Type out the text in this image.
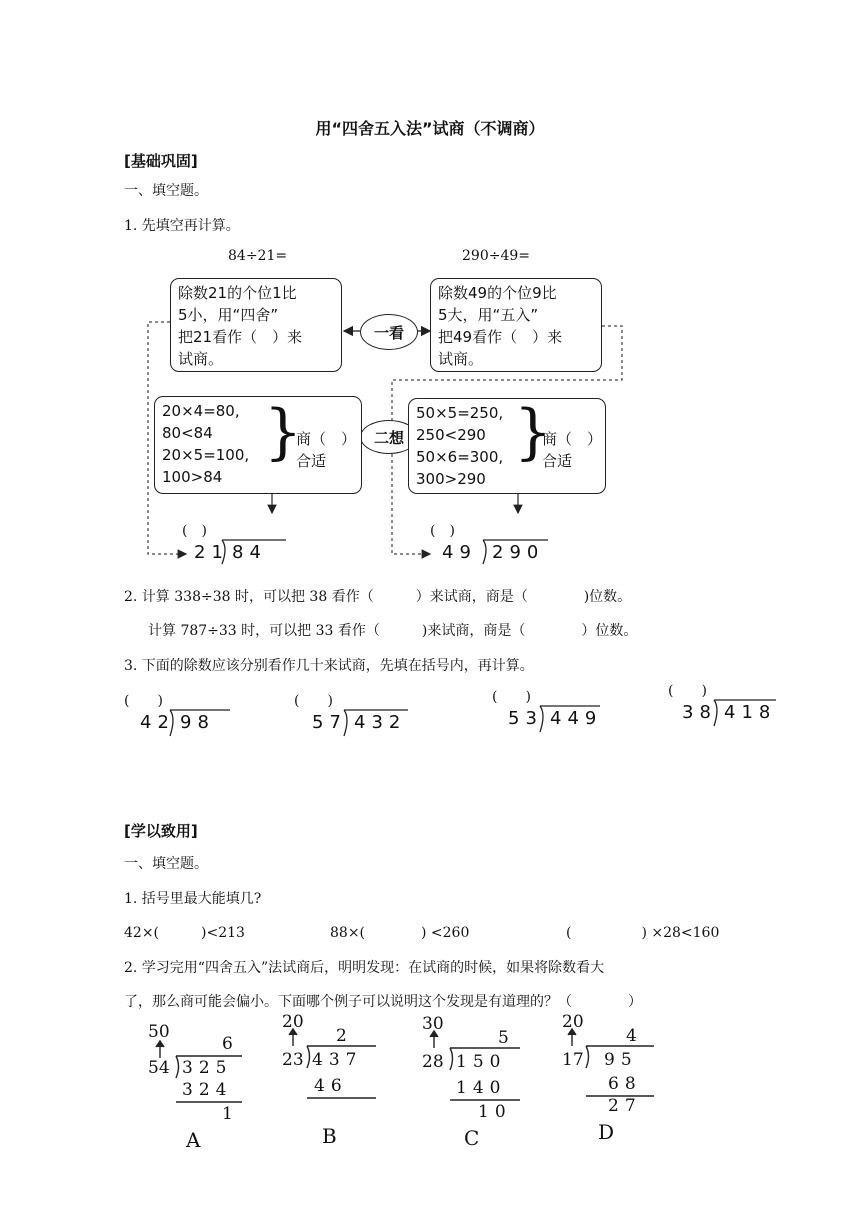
用“四舍五入法”试商（不调商）
[基础巩固]
一、填空题。
1. 先填空再计算。
84÷21=	290÷49=
除数21的个位1比
5小，用“四舍”
把21看作（　）来
试商。
除数49的个位9比
5大，用“五入”
把49看作（　）来
试商。
一看
二想
20×4=80,
80<84
20×5=100,
100>84
}
商（　）
合适
50×5=250,
250<290
50×6=300,
300>290
}
商（　）
合适
(　)
21 84
(　)
49 290
2. 计算 338÷38 时，可以把 38 看作（　　　）来试商，商是（　　　　)位数。
计算 787÷33 时，可以把 33 看作（　　　)来试商，商是（　　　　）位数。
3. 下面的除数应该分别看作几十来试商，先填在括号内，再计算。
(　　)
42 98
(　　)
57 432
(　　)
53 449
(　　)
38 418
[学以致用]
一、填空题。
1. 括号里最大能填几?
42×(　　　)<213	88×(　　　　) <260	(　　　　　) ×28<160
2. 学习完用“四舍五入”法试商后，明明发现：在试商的时候，如果将除数看大
了，那么商可能会偏小。下面哪个例子可以说明这个发现是有道理的？（　　　　）
50
6
54 325
324
1
A
20
2
23 437
46
B
30
5
28 150
140
10
C
20
4
17 95
68
27
D
